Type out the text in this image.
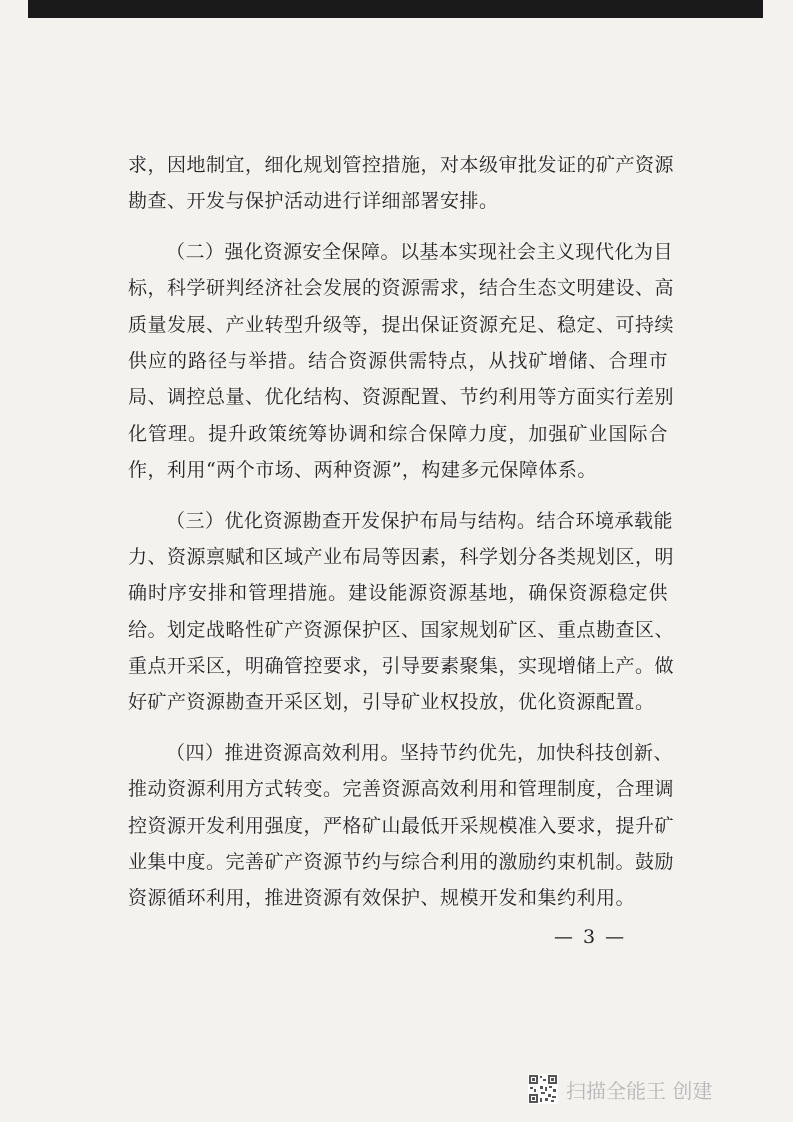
求，因地制宜，细化规划管控措施，对本级审批发证的矿产资源
勘查、开发与保护活动进行详细部署安排。
（二）强化资源安全保障。以基本实现社会主义现代化为目
标，科学研判经济社会发展的资源需求，结合生态文明建设、高
质量发展、产业转型升级等，提出保证资源充足、稳定、可持续
供应的路径与举措。结合资源供需特点，从找矿增储、合理市
局、调控总量、优化结构、资源配置、节约利用等方面实行差别
化管理。提升政策统筹协调和综合保障力度，加强矿业国际合
作，利用“两个市场、两种资源”，构建多元保障体系。
（三）优化资源勘查开发保护布局与结构。结合环境承载能
力、资源禀赋和区域产业布局等因素，科学划分各类规划区，明
确时序安排和管理措施。建设能源资源基地，确保资源稳定供
给。划定战略性矿产资源保护区、国家规划矿区、重点勘查区、
重点开采区，明确管控要求，引导要素聚集，实现增储上产。做
好矿产资源勘查开采区划，引导矿业权投放，优化资源配置。
（四）推进资源高效利用。坚持节约优先，加快科技创新、
推动资源利用方式转变。完善资源高效利用和管理制度，合理调
控资源开发利用强度，严格矿山最低开采规模准入要求，提升矿
业集中度。完善矿产资源节约与综合利用的激励约束机制。鼓励
资源循环利用，推进资源有效保护、规模开发和集约利用。
— 3 —
扫描全能王 创建
